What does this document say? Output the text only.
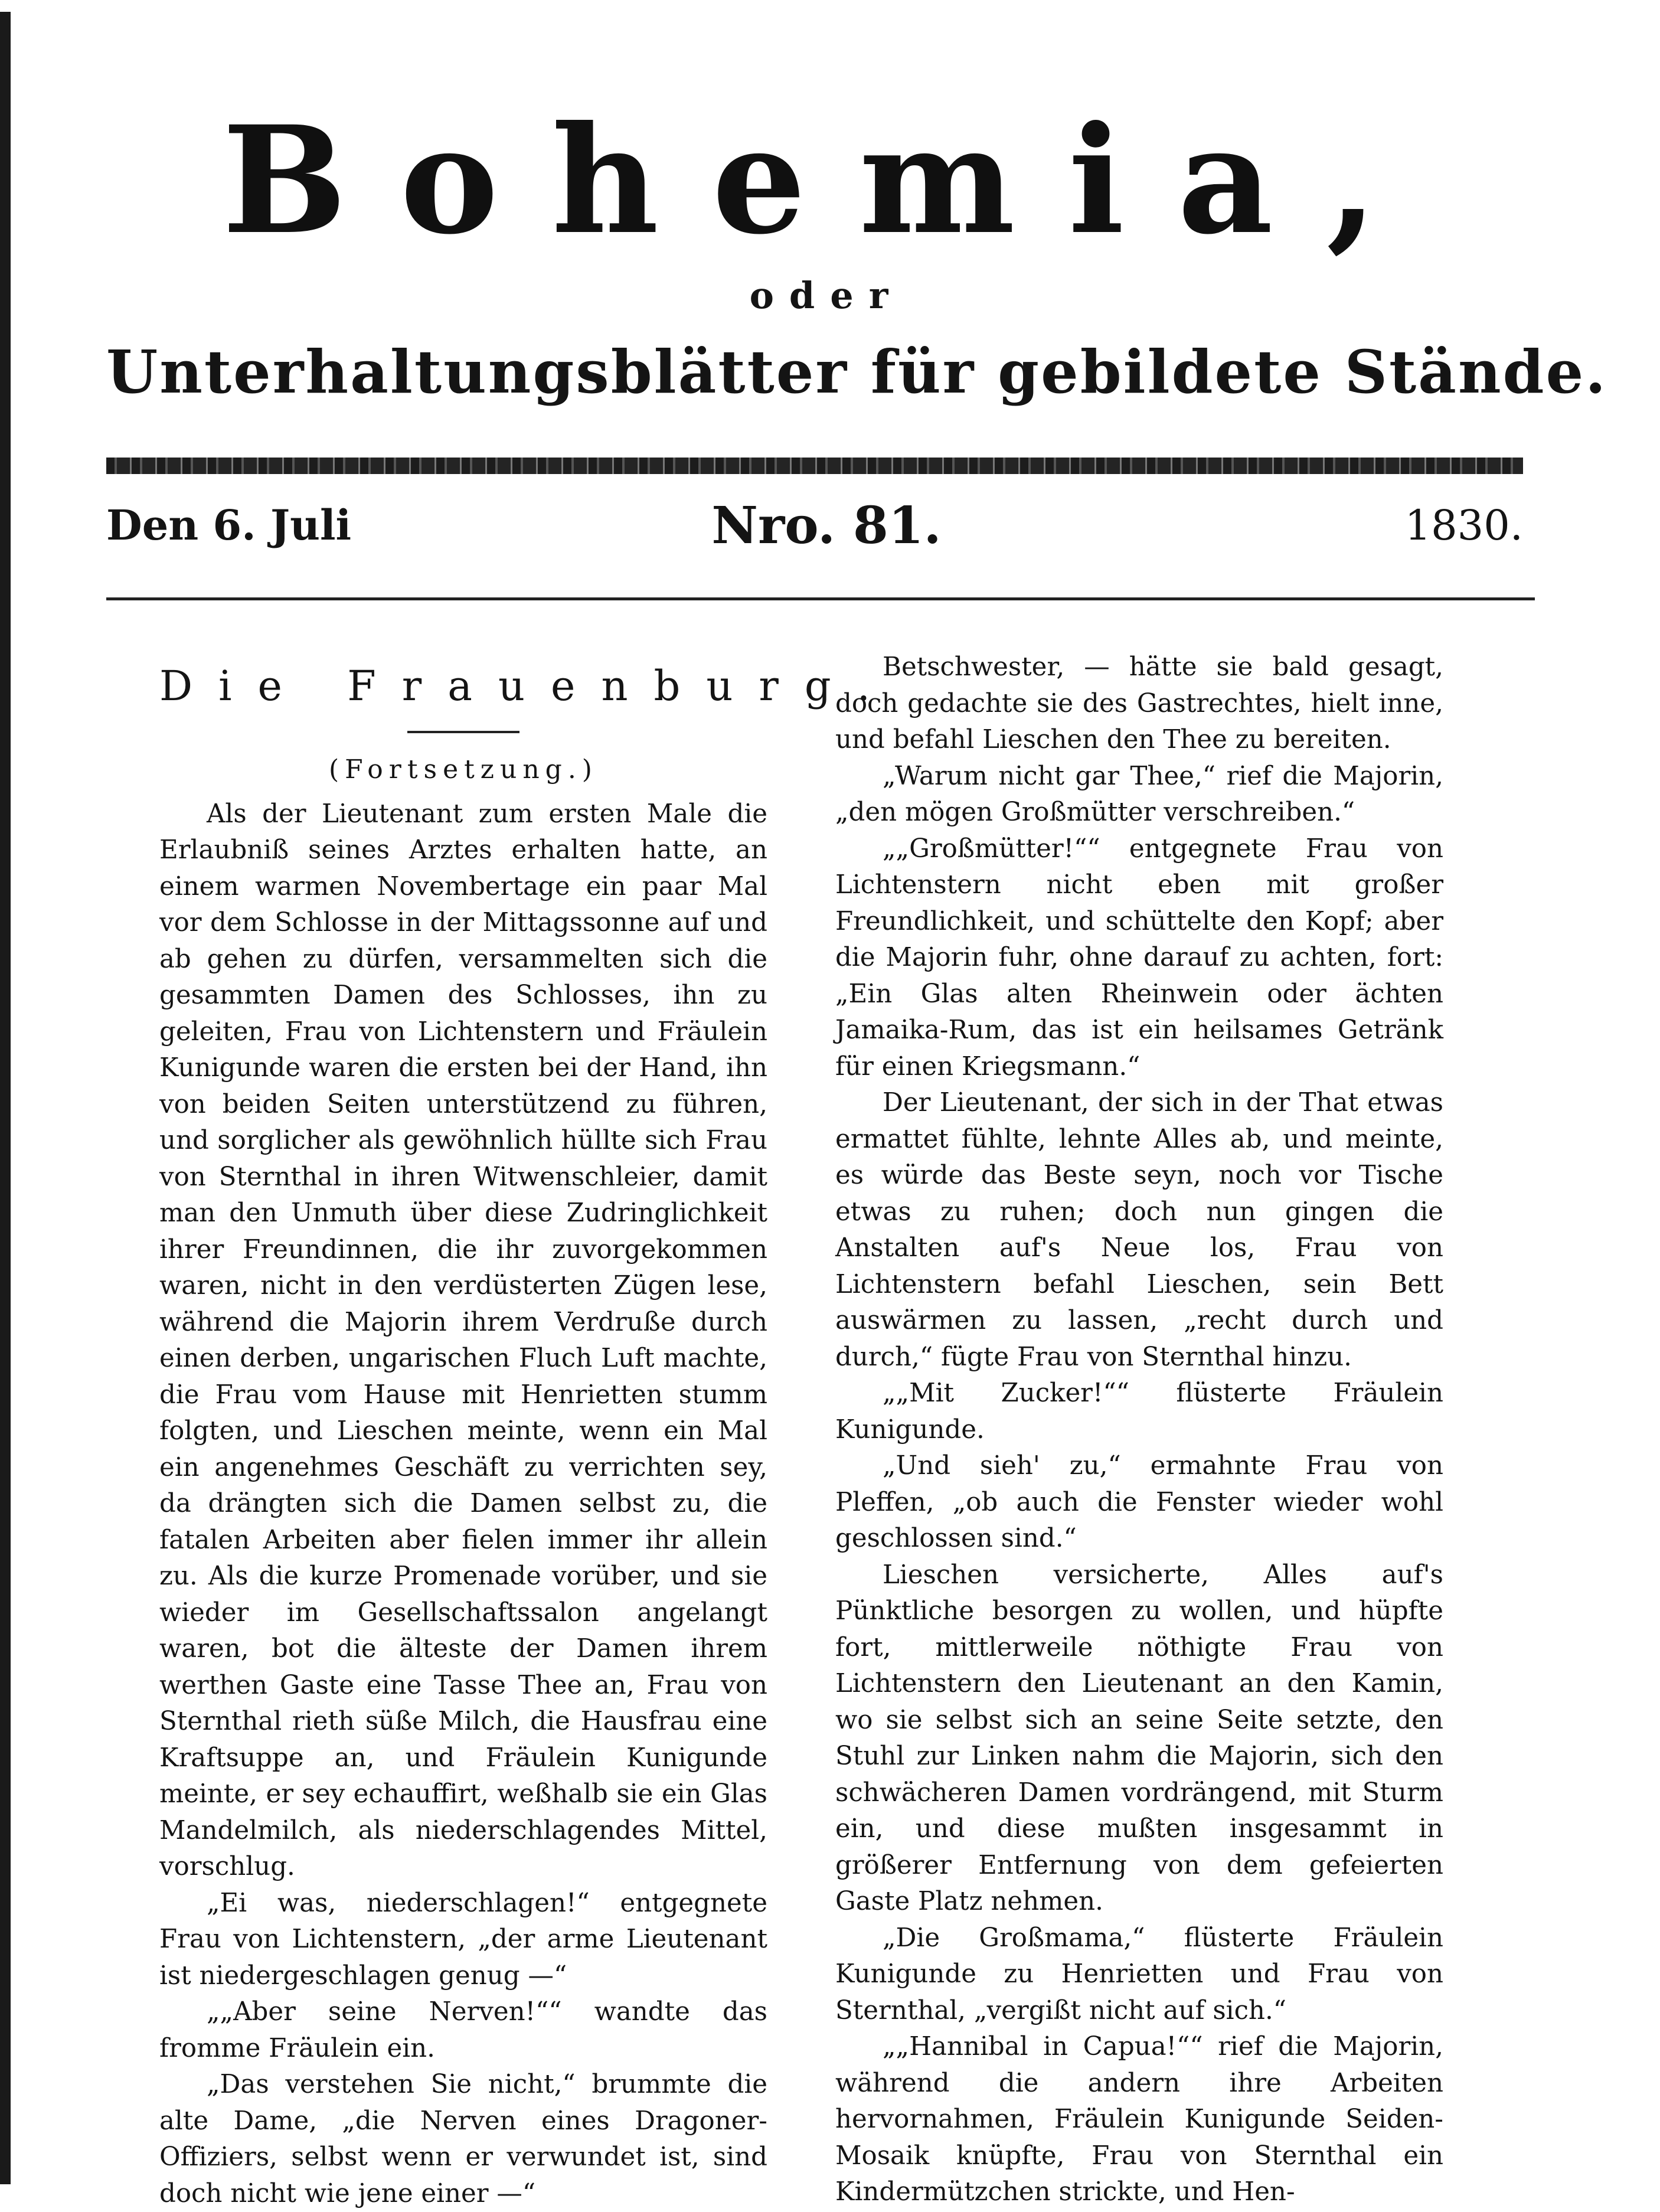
Bohemia,
oder
Unterhaltungsblätter für gebildete Stände.
Den 6. Juli	Nro. 81.	1830.
Die Frauenburg.
(Fortsetzung.)

Als der Lieutenant zum ersten Male die Erlaubniß seines Arztes erhalten hatte, an einem warmen Novembertage ein paar Mal vor dem Schlosse in der Mittagssonne auf und ab gehen zu dürfen, versammelten sich die gesammten Damen des Schlosses, ihn zu geleiten, Frau von Lichtenstern und Fräulein Kunigunde waren die ersten bei der Hand, ihn von beiden Seiten unterstützend zu führen, und sorglicher als gewöhnlich hüllte sich Frau von Sternthal in ihren Witwenschleier, damit man den Unmuth über diese Zudringlichkeit ihrer Freundinnen, die ihr zuvorgekommen waren, nicht in den verdüsterten Zügen lese, während die Majorin ihrem Verdruße durch einen derben, ungarischen Fluch Luft machte, die Frau vom Hause mit Henrietten stumm folgten, und Lieschen meinte, wenn ein Mal ein angenehmes Geschäft zu verrichten sey, da drängten sich die Damen selbst zu, die fatalen Arbeiten aber fielen immer ihr allein zu. Als die kurze Promenade vorüber, und sie wieder im Gesellschaftssalon angelangt waren, bot die älteste der Damen ihrem werthen Gaste eine Tasse Thee an, Frau von Sternthal rieth süße Milch, die Hausfrau eine Kraftsuppe an, und Fräulein Kunigunde meinte, er sey echauffirt, weßhalb sie ein Glas Mandelmilch, als niederschlagendes Mittel, vorschlug.

„Ei was, niederschlagen!“ entgegnete Frau von Lichtenstern, „der arme Lieutenant ist niedergeschlagen genug —“

„„Aber seine Nerven!““ wandte das fromme Fräulein ein.

„Das verstehen Sie nicht,“ brummte die alte Dame, „die Nerven eines Dragoner-Offiziers, selbst wenn er verwundet ist, sind doch nicht wie jene einer —“

Betschwester, — hätte sie bald gesagt, doch gedachte sie des Gastrechtes, hielt inne, und befahl Lieschen den Thee zu bereiten.

„Warum nicht gar Thee,“ rief die Majorin, „den mögen Großmütter verschreiben.“

„„Großmütter!““ entgegnete Frau von Lichtenstern nicht eben mit großer Freundlichkeit, und schüttelte den Kopf; aber die Majorin fuhr, ohne darauf zu achten, fort: „Ein Glas alten Rheinwein oder ächten Jamaika-Rum, das ist ein heilsames Getränk für einen Kriegsmann.“

Der Lieutenant, der sich in der That etwas ermattet fühlte, lehnte Alles ab, und meinte, es würde das Beste seyn, noch vor Tische etwas zu ruhen; doch nun gingen die Anstalten auf's Neue los, Frau von Lichtenstern befahl Lieschen, sein Bett auswärmen zu lassen, „recht durch und durch,“ fügte Frau von Sternthal hinzu.

„„Mit Zucker!““ flüsterte Fräulein Kunigunde.

„Und sieh' zu,“ ermahnte Frau von Pleffen, „ob auch die Fenster wieder wohl geschlossen sind.“

Lieschen versicherte, Alles auf's Pünktliche besorgen zu wollen, und hüpfte fort, mittlerweile nöthigte Frau von Lichtenstern den Lieutenant an den Kamin, wo sie selbst sich an seine Seite setzte, den Stuhl zur Linken nahm die Majorin, sich den schwächeren Damen vordrängend, mit Sturm ein, und diese mußten insgesammt in größerer Entfernung von dem gefeierten Gaste Platz nehmen.

„Die Großmama,“ flüsterte Fräulein Kunigunde zu Henrietten und Frau von Sternthal, „vergißt nicht auf sich.“

„„Hannibal in Capua!““ rief die Majorin, während die andern ihre Arbeiten hervornahmen, Fräulein Kunigunde Seiden-Mosaik knüpfte, Frau von Sternthal ein Kindermützchen strickte, und Hen-
